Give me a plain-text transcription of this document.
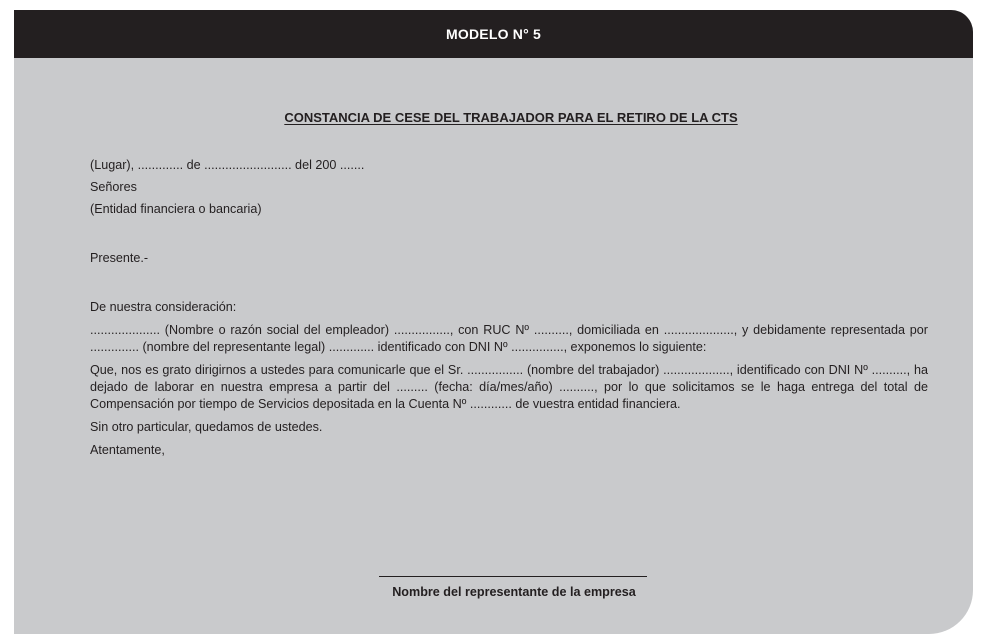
MODELO N° 5
CONSTANCIA DE CESE DEL TRABAJADOR PARA EL RETIRO DE LA CTS

(Lugar), ............. de ......................... del 200 .......

Señores

(Entidad financiera o bancaria)

Presente.-

De nuestra consideración:

.................... (Nombre o razón social del empleador) ................, con RUC Nº .........., domiciliada en ...................., y debidamente representada por .............. (nombre del representante legal) ............. identificado con DNI Nº ..............., exponemos lo siguiente:

Que, nos es grato dirigirnos a ustedes para comunicarle que el Sr. ................ (nombre del trabajador) ..................., identificado con DNI Nº .........., ha dejado de laborar en nuestra empresa a partir del ......... (fecha: día/mes/año) .........., por lo que solicitamos se le haga entrega del total de Compensación por tiempo de Servicios depositada en la Cuenta Nº ............ de vuestra entidad financiera.

Sin otro particular, quedamos de ustedes.

Atentamente,

Nombre del representante de la empresa
